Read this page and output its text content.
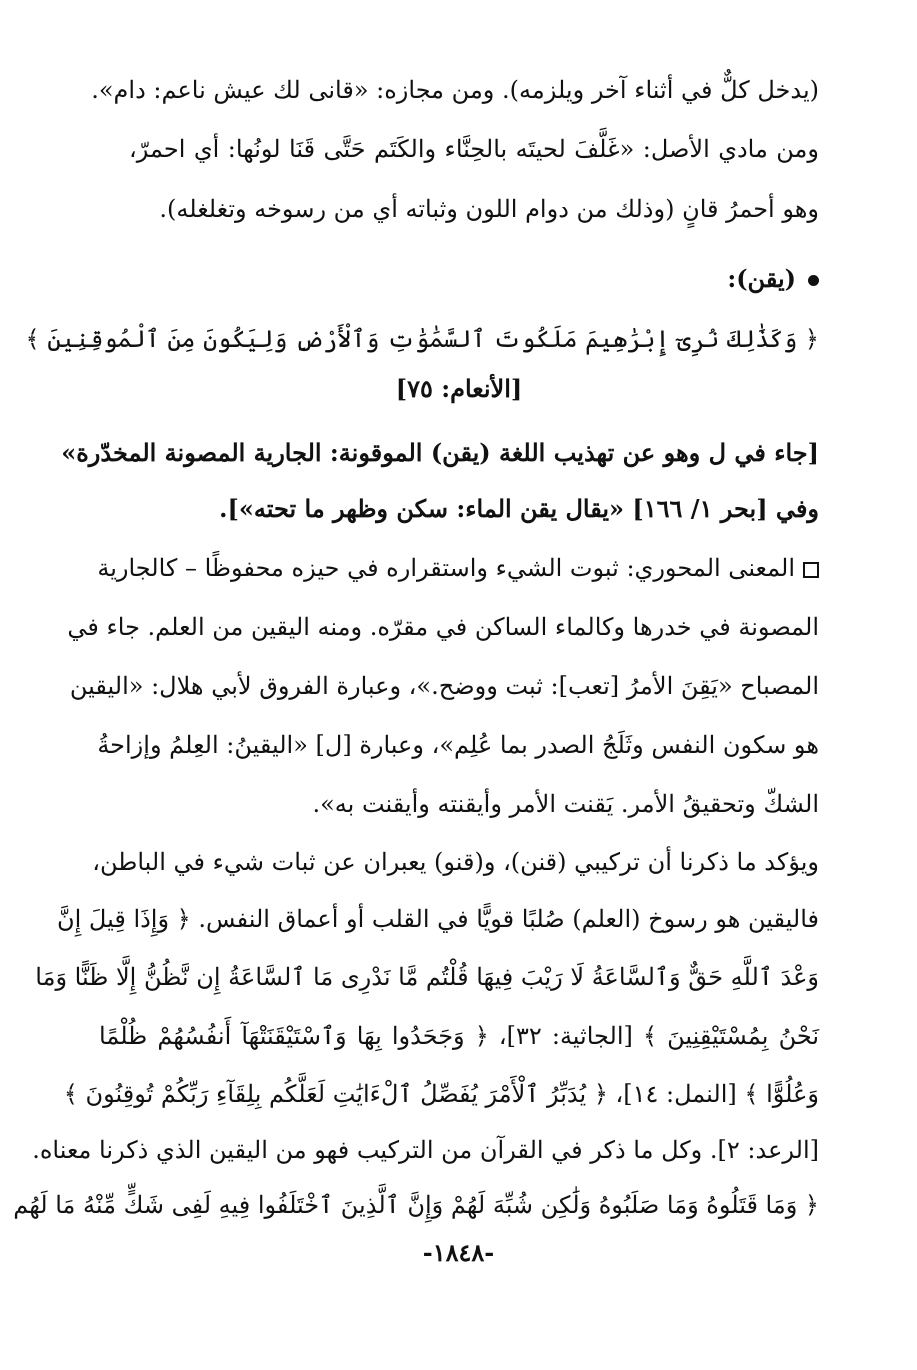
(يدخل كلٌّ في أثناء آخر ويلزمه). ومن مجازه: «قانى لك عيش ناعم: دام».
ومن مادي الأصل: «غَلَّفَ لحيتَه بالحِنَّاء والكَتَم حَتَّى قَنَا لونُها: أي احمرّ،
وهو أحمرُ قانٍ (وذلك من دوام اللون وثباته أي من رسوخه وتغلغله).
(يقن):
﴿ وَكَذَٰلِكَ نُرِىٓ إِبْرَٰهِيمَ مَلَكُوتَ ٱلسَّمَٰوَٰتِ وَٱلْأَرْضِ وَلِيَكُونَ مِنَ ٱلْمُوقِنِينَ ﴾
[الأنعام: ٧٥]
[جاء في ل وهو عن تهذيب اللغة (يقن) الموقونة: الجارية المصونة المخدّرة»
وفي [بحر ١/ ١٦٦] «يقال يقن الماء: سكن وظهر ما تحته»].
المعنى المحوري: ثبوت الشيء واستقراره في حيزه محفوظًا – كالجارية
المصونة في خدرها وكالماء الساكن في مقرّه. ومنه اليقين من العلم. جاء في
المصباح «يَقِنَ الأمرُ [تعب]: ثبت ووضح.»، وعبارة الفروق لأبي هلال: «اليقين
هو سكون النفس وثَلَجُ الصدر بما عُلِم»، وعبارة [ل] «اليقينُ: العِلمُ وإزاحةُ
الشكّ وتحقيقُ الأمر. يَقنت الأمر وأيقنته وأيقنت به».
ويؤكد ما ذكرنا أن تركيبي (قنن)، و(قنو) يعبران عن ثبات شيء في الباطن،
فاليقين هو رسوخ (العلم) صُلبًا قويًّا في القلب أو أعماق النفس. ﴿ وَإِذَا قِيلَ إِنَّ
وَعْدَ ٱللَّهِ حَقٌّ وَٱلسَّاعَةُ لَا رَيْبَ فِيهَا قُلْتُم مَّا نَدْرِى مَا ٱلسَّاعَةُ إِن نَّظُنُّ إِلَّا ظَنًّا وَمَا
نَحْنُ بِمُسْتَيْقِنِينَ ﴾ [الجاثية: ٣٢]، ﴿ وَجَحَدُوا بِهَا وَٱسْتَيْقَنَتْهَآ أَنفُسُهُمْ ظُلْمًا
وَعُلُوًّا ﴾ [النمل: ١٤]، ﴿ يُدَبِّرُ ٱلْأَمْرَ يُفَصِّلُ ٱلْءَايَٰتِ لَعَلَّكُم بِلِقَآءِ رَبِّكُمْ تُوقِنُونَ ﴾
[الرعد: ٢]. وكل ما ذكر في القرآن من التركيب فهو من اليقين الذي ذكرنا معناه.
﴿ وَمَا قَتَلُوهُ وَمَا صَلَبُوهُ وَلَٰكِن شُبِّهَ لَهُمْ وَإِنَّ ٱلَّذِينَ ٱخْتَلَفُوا فِيهِ لَفِى شَكٍّ مِّنْهُ مَا لَهُم
-١٨٤٨-
